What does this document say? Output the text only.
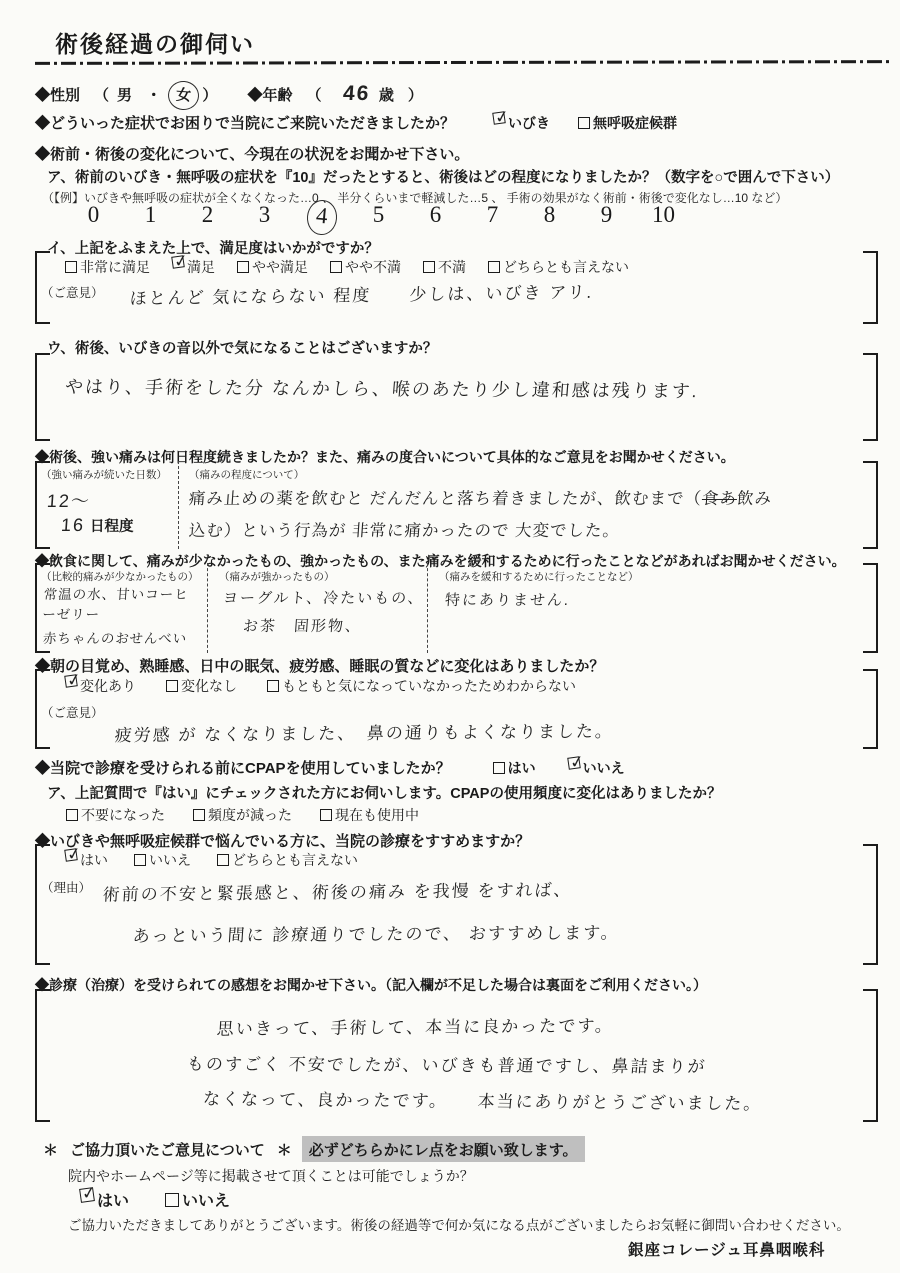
術後経過の御伺い
◆性別 （ 男 ・ 女 ） ◆年齢 （ 46 歳 ）
◆どういった症状でお困りで当院にご来院いただきましたか？ ✓
いびき	無呼吸症候群
◆術前・術後の変化について、今現在の状況をお聞かせ下さい。
ア、術前のいびき・無呼吸の症状を『10』だったとすると、術後はどの程度になりましたか？（数字を○で囲んで下さい）
（【例】いびきや無呼吸の症状が全くなくなった…0 、 半分くらいまで軽減した…5 、 手術の効果がなく術前・術後で変化なし…10 など）
0	1	2	3	4	5	6	7	8	9	10
イ、上記をふまえた上で、満足度はいかがですか？
非常に満足 ✓
満足	やや満足	やや不満	不満	どちらとも言えない
（ご意見） ほとんど 気にならない 程度　　少しは、いびき アリ.
ウ、術後、いびきの音以外で気になることはございますか？
やはり、手術をした分 なんかしら、喉のあたり少し違和感は残ります.
◆術後、強い痛みは何日程度続きましたか？また、痛みの度合いについて具体的なご意見をお聞かせください。
（強い痛みが続いた日数）
12〜
16 日程度
（痛みの程度について）
痛み止めの薬を飲むと だんだんと落ち着きましたが、飲むまで（食あ飲み
込む）という行為が 非常に痛かったので 大変でした。
◆飲食に関して、痛みが少なかったもの、強かったもの、また痛みを緩和するために行ったことなどがあればお聞かせください。
（比較的痛みが少なかったもの）
常温の水、甘いコーヒーゼリー
赤ちゃんのおせんべい
（痛みが強かったもの）
ヨーグルト、冷たいもの、
お茶　固形物、
（痛みを緩和するために行ったことなど）
特にありません.
◆朝の目覚め、熟睡感、日中の眠気、疲労感、睡眠の質などに変化はありましたか？
✓
変化あり	変化なし	もともと気になっていなかったためわからない
（ご意見）
疲労感 が なくなりました、　鼻の通りもよくなりました。
◆当院で診療を受けられる前にCPAPを使用していましたか？	はい ✓
いいえ
ア、上記質問で『はい』にチェックされた方にお伺いします。CPAPの使用頻度に変化はありましたか？
不要になった	頻度が減った	現在も使用中
◆いびきや無呼吸症候群で悩んでいる方に、当院の診療をすすめますか？
✓
はい	いいえ	どちらとも言えない
（理由） 術前の不安と緊張感と、術後の痛み を我慢 をすれば、
あっという間に 診療通りでしたので、 おすすめします。
◆診療（治療）を受けられての感想をお聞かせ下さい。（記入欄が不足した場合は裏面をご利用ください。）
思いきって、手術して、本当に良かったです。
ものすごく 不安でしたが、いびきも普通ですし、鼻詰まりが
なくなって、良かったです。　　本当にありがとうございました。
＊ ご協力頂いたご意見について ＊	必ずどちらかにレ点をお願い致します。
院内やホームページ等に掲載させて頂くことは可能でしょうか？
✓ はい	いいえ
ご協力いただきましてありがとうございます。術後の経過等で何か気になる点がございましたらお気軽に御問い合わせください。
銀座コレージュ耳鼻咽喉科
